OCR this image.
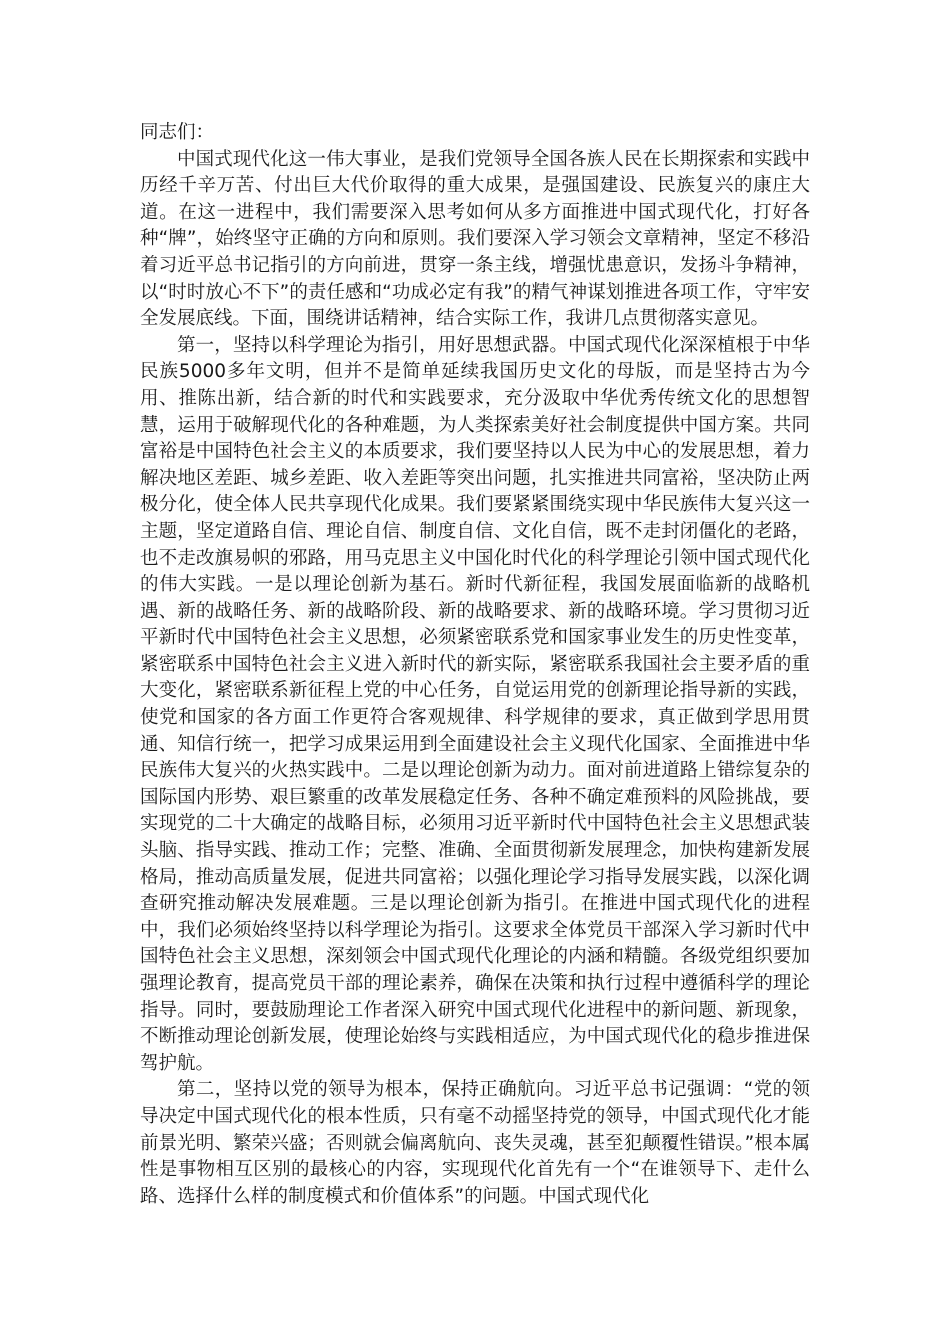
同志们：

中国式现代化这一伟大事业，是我们党领导全国各族人民在长期探索和实践中历经千辛万苦、付出巨大代价取得的重大成果，是强国建设、民族复兴的康庄大道。在这一进程中，我们需要深入思考如何从多方面推进中国式现代化，打好各种“牌”，始终坚守正确的方向和原则。我们要深入学习领会文章精神，坚定不移沿着习近平总书记指引的方向前进，贯穿一条主线，增强忧患意识，发扬斗争精神，以“时时放心不下”的责任感和“功成必定有我”的精气神谋划推进各项工作，守牢安全发展底线。下面，围绕讲话精神，结合实际工作，我讲几点贯彻落实意见。

第一，坚持以科学理论为指引，用好思想武器。中国式现代化深深植根于中华民族5000多年文明，但并不是简单延续我国历史文化的母版，而是坚持古为今用、推陈出新，结合新的时代和实践要求，充分汲取中华优秀传统文化的思想智慧，运用于破解现代化的各种难题，为人类探索美好社会制度提供中国方案。共同富裕是中国特色社会主义的本质要求，我们要坚持以人民为中心的发展思想，着力解决地区差距、城乡差距、收入差距等突出问题，扎实推进共同富裕，坚决防止两极分化，使全体人民共享现代化成果。我们要紧紧围绕实现中华民族伟大复兴这一主题，坚定道路自信、理论自信、制度自信、文化自信，既不走封闭僵化的老路，也不走改旗易帜的邪路，用马克思主义中国化时代化的科学理论引领中国式现代化的伟大实践。一是以理论创新为基石。新时代新征程，我国发展面临新的战略机遇、新的战略任务、新的战略阶段、新的战略要求、新的战略环境。学习贯彻习近平新时代中国特色社会主义思想，必须紧密联系党和国家事业发生的历史性变革，紧密联系中国特色社会主义进入新时代的新实际，紧密联系我国社会主要矛盾的重大变化，紧密联系新征程上党的中心任务，自觉运用党的创新理论指导新的实践，使党和国家的各方面工作更符合客观规律、科学规律的要求，真正做到学思用贯通、知信行统一，把学习成果运用到全面建设社会主义现代化国家、全面推进中华民族伟大复兴的火热实践中。二是以理论创新为动力。面对前进道路上错综复杂的国际国内形势、艰巨繁重的改革发展稳定任务、各种不确定难预料的风险挑战，要实现党的二十大确定的战略目标，必须用习近平新时代中国特色社会主义思想武装头脑、指导实践、推动工作；完整、准确、全面贯彻新发展理念，加快构建新发展格局，推动高质量发展，促进共同富裕；以强化理论学习指导发展实践，以深化调查研究推动解决发展难题。三是以理论创新为指引。在推进中国式现代化的进程中，我们必须始终坚持以科学理论为指引。这要求全体党员干部深入学习新时代中国特色社会主义思想，深刻领会中国式现代化理论的内涵和精髓。各级党组织要加强理论教育，提高党员干部的理论素养，确保在决策和执行过程中遵循科学的理论指导。同时，要鼓励理论工作者深入研究中国式现代化进程中的新问题、新现象，不断推动理论创新发展，使理论始终与实践相适应，为中国式现代化的稳步推进保驾护航。

第二，坚持以党的领导为根本，保持正确航向。习近平总书记强调：“党的领导决定中国式现代化的根本性质，只有毫不动摇坚持党的领导，中国式现代化才能前景光明、繁荣兴盛；否则就会偏离航向、丧失灵魂，甚至犯颠覆性错误。”根本属性是事物相互区别的最核心的内容，实现现代化首先有一个“在谁领导下、走什么路、选择什么样的制度模式和价值体系”的问题。中国式现代化
